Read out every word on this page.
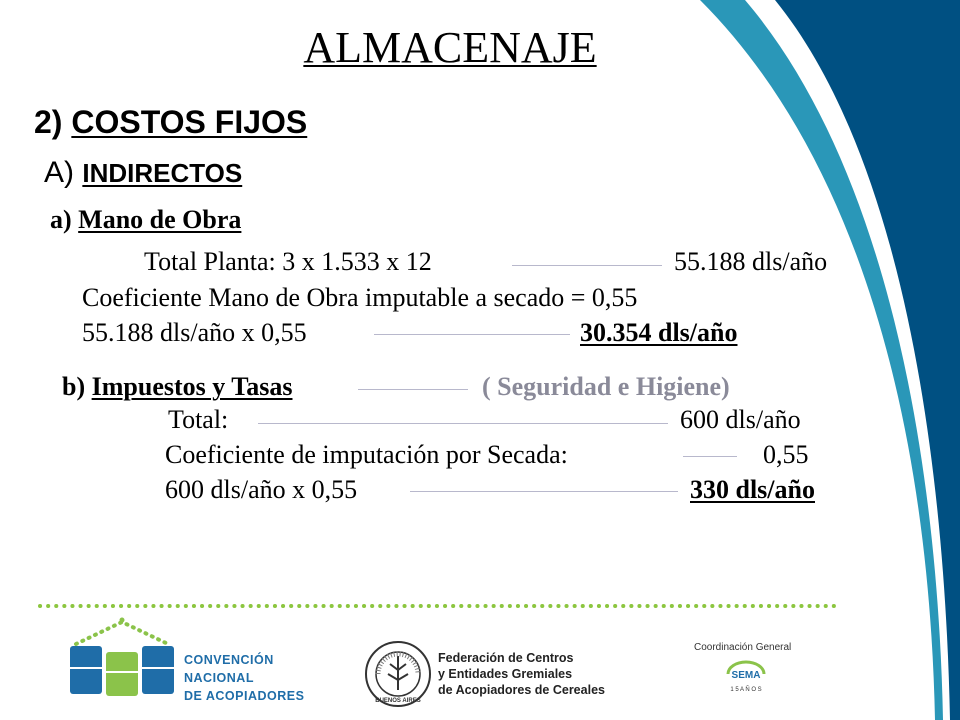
ALMACENAJE
2) COSTOS FIJOS
A) INDIRECTOS
a) Mano de Obra
Total Planta: 3 x 1.533 x 12	55.188 dls/año
Coeficiente Mano de Obra imputable a secado = 0,55
55.188 dls/año x 0,55	30.354 dls/año
b) Impuestos y Tasas	( Seguridad e Higiene)
Total:	600 dls/año
Coeficiente de imputación por Secada:	0,55
600 dls/año x 0,55	330 dls/año
CONVENCIÓN
NACIONAL
DE ACOPIADORES	BUENOS AIRES
Federación de Centros
y Entidades Gremiales
de Acopiadores de Cereales
Coordinación General
SEMA
1 5 A Ñ O S
